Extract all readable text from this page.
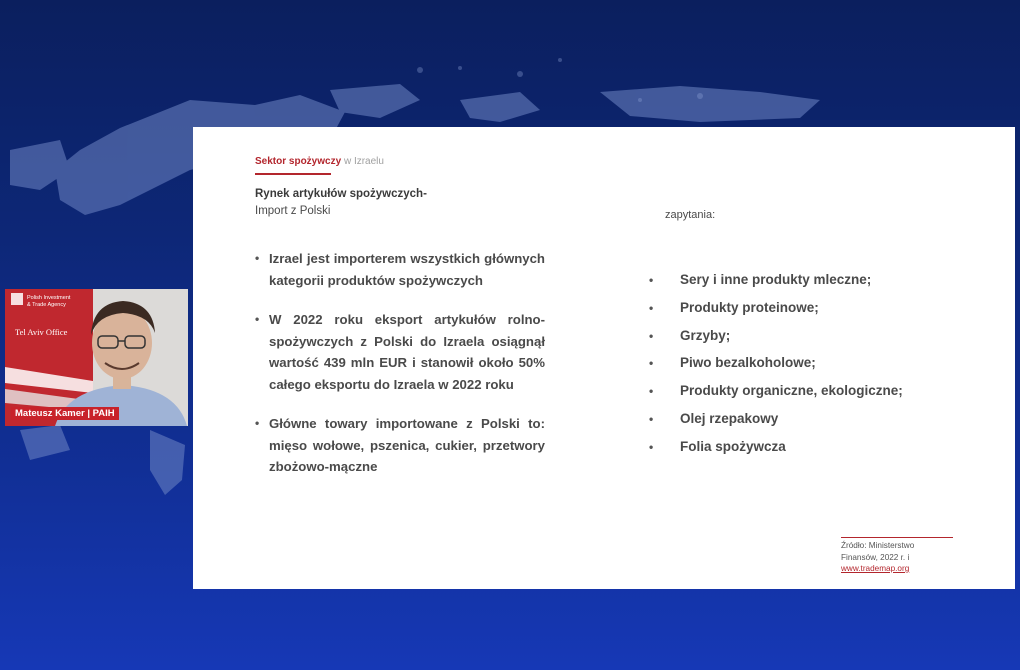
Sektor spożywczy w Izraelu
Rynek artykułów spożywczych-
Import z Polski	zapytania:
• Izrael jest importerem wszystkich głównych kategorii produktów spożywczych
• W 2022 roku eksport artykułów rolno-spożywczych z Polski do Izraela osiągnął wartość 439 mln EUR i stanowił około 50% całego eksportu do Izraela w 2022 roku
• Główne towary importowane z Polski to: mięso wołowe, pszenica, cukier, przetwory zbożowo-mączne
• Sery i inne produkty mleczne;
• Produkty proteinowe;
• Grzyby;
• Piwo bezalkoholowe;
• Produkty organiczne, ekologiczne;
• Olej rzepakowy
• Folia spożywcza
Źródło: Ministerstwo
Finansów, 2022 r. i
www.trademap.org
Polish Investment
& Trade Agency
Tel Aviv Office
Mateusz Kamer | PAIH
